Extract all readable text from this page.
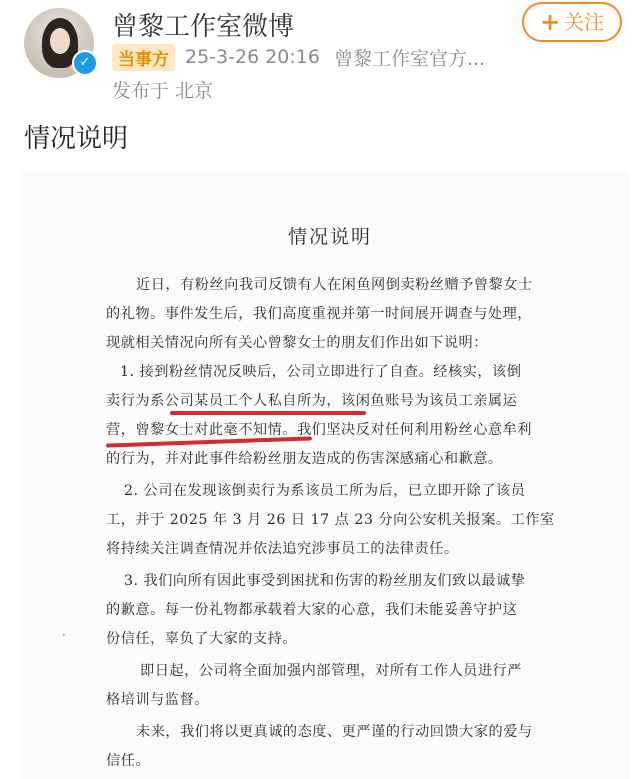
✓
曾黎工作室微博
当事方 25-3-26 20:16 曾黎工作室官方...
发布于 北京
+ 关注
情况说明
情况说明
近日，有粉丝向我司反馈有人在闲鱼网倒卖粉丝赠予曾黎女士
的礼物。事件发生后，我们高度重视并第一时间展开调查与处理，
现就相关情况向所有关心曾黎女士的朋友们作出如下说明：
1. 接到粉丝情况反映后，公司立即进行了自查。经核实，该倒
卖行为系公司某员工个人私自所为，该闲鱼账号为该员工亲属运
营，曾黎女士对此毫不知情。我们坚决反对任何利用粉丝心意牟利
的行为，并对此事件给粉丝朋友造成的伤害深感痛心和歉意。
2. 公司在发现该倒卖行为系该员工所为后，已立即开除了该员
工，并于 2025 年 3 月 26 日 17 点 23 分向公安机关报案。工作室
将持续关注调查情况并依法追究涉事员工的法律责任。
3. 我们向所有因此事受到困扰和伤害的粉丝朋友们致以最诚挚
的歉意。每一份礼物都承载着大家的心意，我们未能妥善守护这
份信任，辜负了大家的支持。
即日起，公司将全面加强内部管理，对所有工作人员进行严
格培训与监督。
未来，我们将以更真诚的态度、更严谨的行动回馈大家的爱与
信任。
·
